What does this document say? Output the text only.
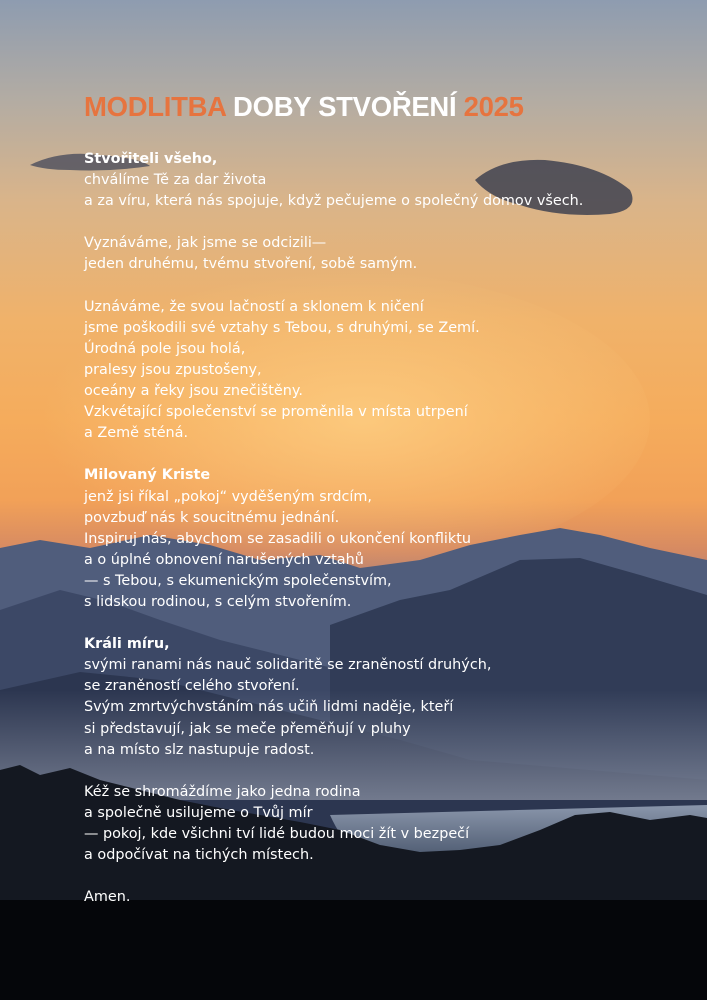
MODLITBA DOBY STVOŘENÍ 2025
Stvořiteli všeho,
chválíme Tě za dar života
a za víru, která nás spojuje, když pečujeme o společný domov všech.
Vyznáváme, jak jsme se odcizili—
jeden druhému, tvému stvoření, sobě samým.
Uznáváme, že svou lačností a sklonem k ničení
jsme poškodili své vztahy s Tebou, s druhými, se Zemí.
Úrodná pole jsou holá,
pralesy jsou zpustošeny,
oceány a řeky jsou znečištěny.
Vzkvétající společenství se proměnila v místa utrpení
a Země sténá.
Milovaný Kriste
jenž jsi říkal „pokoj“ vyděšeným srdcím,
povzbuď nás k soucitnému jednání.
Inspiruj nás, abychom se zasadili o ukončení konfliktu
a o úplné obnovení narušených vztahů
— s Tebou, s ekumenickým společenstvím,
s lidskou rodinou, s celým stvořením.
Králi míru,
svými ranami nás nauč solidaritě se zraněností druhých,
se zraněností celého stvoření.
Svým zmrtvýchvstáním nás učiň lidmi naděje, kteří
si představují, jak se meče přeměňují v pluhy
a na místo slz nastupuje radost.
Kéž se shromáždíme jako jedna rodina
a společně usilujeme o Tvůj mír
— pokoj, kde všichni tví lidé budou moci žít v bezpečí
a odpočívat na tichých místech.
Amen.
